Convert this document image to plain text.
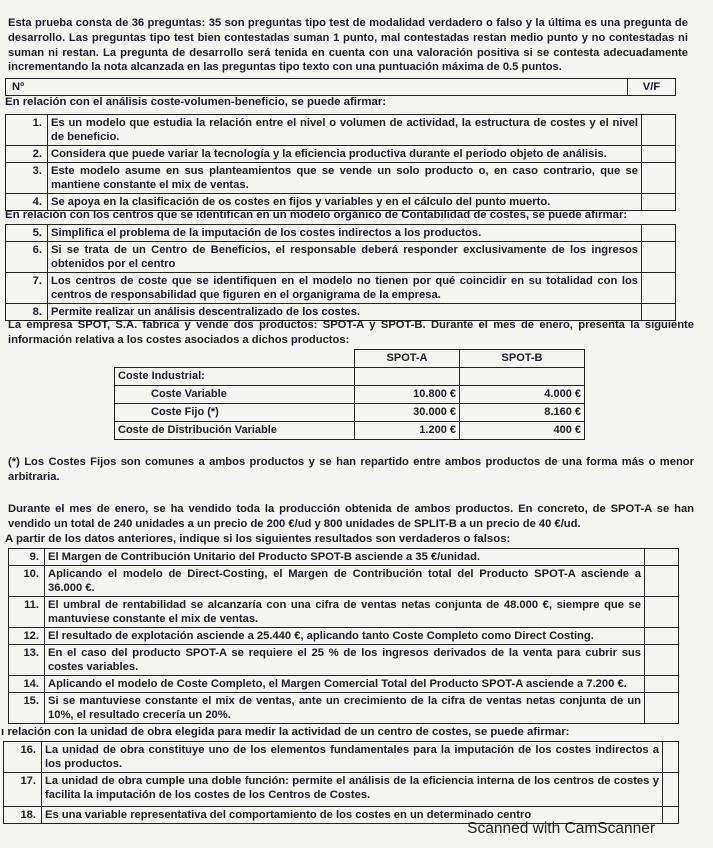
Esta prueba consta de 36 preguntas: 35 son preguntas tipo test de modalidad verdadero o falso y la última es una pregunta de desarrollo. Las preguntas tipo test bien contestadas suman 1 punto, mal contestadas restan medio punto y no contestadas ni suman ni restan. La pregunta de desarrollo será tenida en cuenta con una valoración positiva si se contesta adecuadamente incrementando la nota alcanzada en las preguntas tipo texto con una puntuación máxima de 0.5 puntos.
Nº	V/F
En relación con el análisis coste-volumen-beneficio, se puede afirmar:
1.	Es un modelo que estudia la relación entre el nivel o volumen de actividad, la estructura de costes y el nivel de beneficio.	
2.	Considera que puede variar la tecnología y la eficiencia productiva durante el periodo objeto de análisis.	
3.	Este modelo asume en sus planteamientos que se vende un solo producto o, en caso contrario, que se mantiene constante el mix de ventas.	
4.	Se apoya en la clasificación de os costes en fijos y variables y en el cálculo del punto muerto.	
En relación con los centros que se identifican en un modelo orgánico de Contabilidad de costes, se puede afirmar:
5.	Simplifica el problema de la imputación de los costes indirectos a los productos.	
6.	Si se trata de un Centro de Beneficios, el responsable deberá responder exclusivamente de los ingresos obtenidos por el centro	
7.	Los centros de coste que se identifiquen en el modelo no tienen por qué coincidir en su totalidad con los centros de responsabilidad que figuren en el organigrama de la empresa.	
8.	Permite realizar un análisis descentralizado de los costes.	
La empresa SPOT, S.A. fabrica y vende dos productos: SPOT-A y SPOT-B. Durante el mes de enero, presenta la siguiente información relativa a los costes asociados a dichos productos:
	SPOT-A	SPOT-B
Coste Industrial:		
Coste Variable	10.800 €	4.000 €
Coste Fijo (*)	30.000 €	8.160 €
Coste de Distribución Variable	1.200 €	400 €
(*) Los Costes Fijos son comunes a ambos productos y se han repartido entre ambos productos de una forma más o menor arbitraria.
Durante el mes de enero, se ha vendido toda la producción obtenida de ambos productos. En concreto, de SPOT-A se han vendido un total de 240 unidades a un precio de 200 €/ud y 800 unidades de SPLIT-B a un precio de 40 €/ud.
A partir de los datos anteriores, indique si los siguientes resultados son verdaderos o falsos:
9.	El Margen de Contribución Unitario del Producto SPOT-B asciende a 35 €/unidad.	
10.	Aplicando el modelo de Direct-Costing, el Margen de Contribución total del Producto SPOT-A asciende a 36.000 €.	
11.	El umbral de rentabilidad se alcanzaría con una cifra de ventas netas conjunta de 48.000 €, siempre que se mantuviese constante el mix de ventas.	
12.	El resultado de explotación asciende a 25.440 €, aplicando tanto Coste Completo como Direct Costing.	
13.	En el caso del producto SPOT-A se requiere el 25 % de los ingresos derivados de la venta para cubrir sus costes variables.	
14.	Aplicando el modelo de Coste Completo, el Margen Comercial Total del Producto SPOT-A asciende a 7.200 €.	
15.	Si se mantuviese constante el mix de ventas, ante un crecimiento de la cifra de ventas netas conjunta de un 10%, el resultado crecería un 20%.	
ı relación con la unidad de obra elegida para medir la actividad de un centro de costes, se puede afirmar:
16.	La unidad de obra constituye uno de los elementos fundamentales para la imputación de los costes indirectos a los productos.	
17.	La unidad de obra cumple una doble función: permite el análisis de la eficiencia interna de los centros de costes y facilita la imputación de los costes de los Centros de Costes.	
18.	Es una variable representativa del comportamiento de los costes en un determinado centro	
Scanned with CamScanner
